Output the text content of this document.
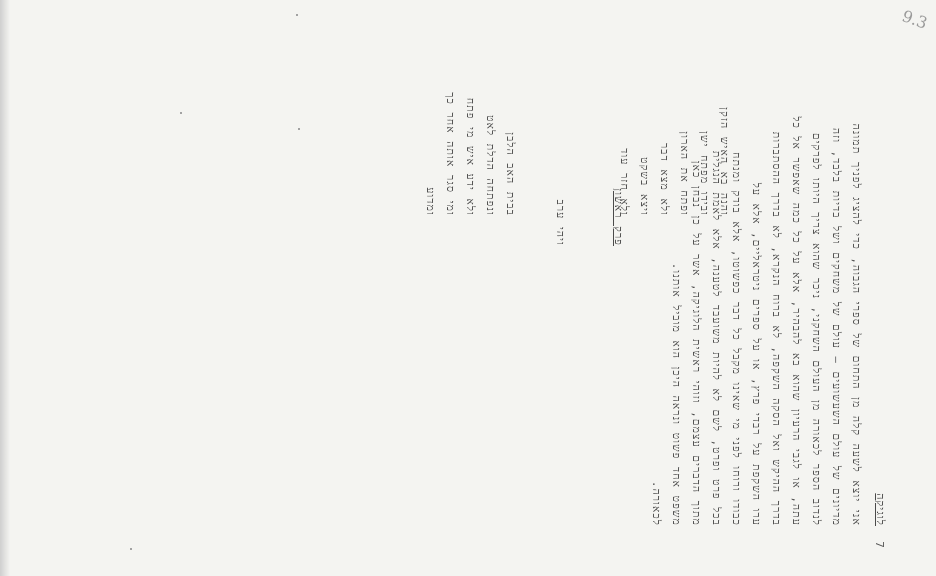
לוגיקה
אני יוצא לשעה קלה מן התחום של ספרי הגבוה, כדי להציג לפניך תמונה
מדיונים של עולם השעשועים – עולם של משחקים ושל בדיות בלבד, וזה
לנדוב הספר לכאורה מן העולם השחקני, ניכר שהוא צריך היותו לפרקים
עתה, או לגבי הרעיון שהוא בא להבהיר, אלא על כל כמה שאפשר אל כל
בדרך ההיקש ואל הסקה השקפה, לא ברוח הנקרא, לא בדרך ההסתברות
ערו השקפת על רבדי פרץ, או על ספרים ניטראליים, אלא על
כבודו ורוחו לפני מי שאינו מקבל כל דבר כפשוטו, אלא בודק ומנתח
בכל פרט ופרט, לשם לא להיות משועבד לטענה, אלא לאמת הנגלית
מתוך הדברים עצמם, וזוהי ראשית הלוגיקה, אשר על כן נבחן כאן
משפט אחד פשוט ונראה היכן הוא מוביל אותנו.
לכאורה.
פרק ראשון
ויהי ערב
והנה בא האיש הזקן
ובידו מפתח ישן
ופתח את הארון
ולא מצא דבר
ויצא בשקט
ולא חזר עוד
בבית האב הלבן
ונפתחה הדלת לאט
ולא ידע איש מי פתח
ומי סגר אותה אחר כך
ומדוע
9.3
7
